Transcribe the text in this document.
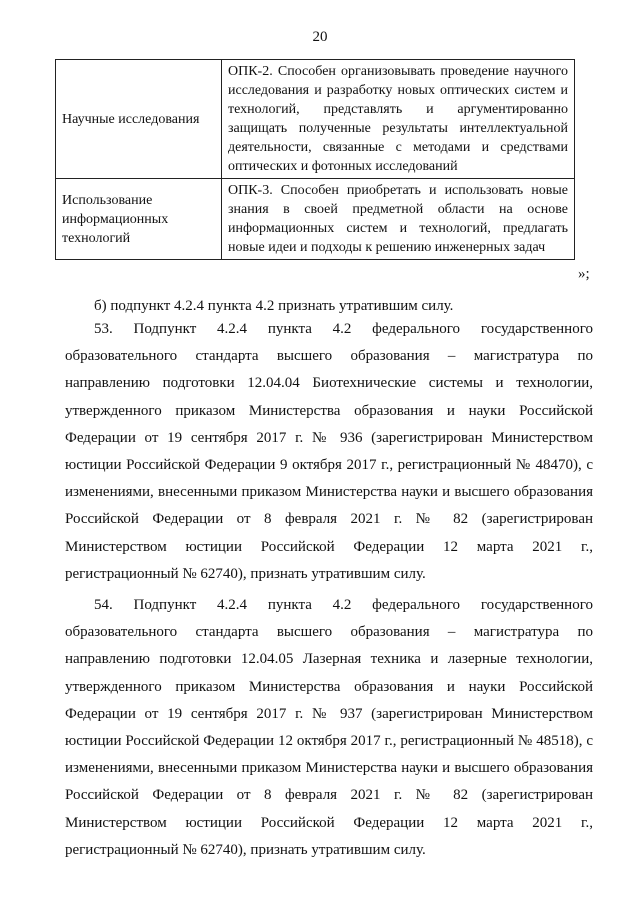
20
Научные исследования	ОПК-2. Способен организовывать проведение научного исследования и разработку новых оптических систем и технологий, представлять и аргументированно защищать полученные результаты интеллектуальной деятельности, связанные с методами и средствами оптических и фотонных исследований
Использование информационных технологий	ОПК-3. Способен приобретать и использовать новые знания в своей предметной области на основе информационных систем и технологий, предлагать новые идеи и подходы к решению инженерных задач
»;

б) подпункт 4.2.4 пункта 4.2 признать утратившим силу.

53. Подпункт 4.2.4 пункта 4.2 федерального государственного образовательного стандарта высшего образования – магистратура по направлению подготовки 12.04.04 Биотехнические системы и технологии, утвержденного приказом Министерства образования и науки Российской Федерации от 19 сентября 2017 г. № 936 (зарегистрирован Министерством юстиции Российской Федерации 9 октября 2017 г., регистрационный № 48470), с изменениями, внесенными приказом Министерства науки и высшего образования Российской Федерации от 8 февраля 2021 г. № 82 (зарегистрирован Министерством юстиции Российской Федерации 12 марта 2021 г., регистрационный № 62740), признать утратившим силу.

54. Подпункт 4.2.4 пункта 4.2 федерального государственного образовательного стандарта высшего образования – магистратура по направлению подготовки 12.04.05 Лазерная техника и лазерные технологии, утвержденного приказом Министерства образования и науки Российской Федерации от 19 сентября 2017 г. № 937 (зарегистрирован Министерством юстиции Российской Федерации 12 октября 2017 г., регистрационный № 48518), с изменениями, внесенными приказом Министерства науки и высшего образования Российской Федерации от 8 февраля 2021 г. № 82 (зарегистрирован Министерством юстиции Российской Федерации 12 марта 2021 г., регистрационный № 62740), признать утратившим силу.
